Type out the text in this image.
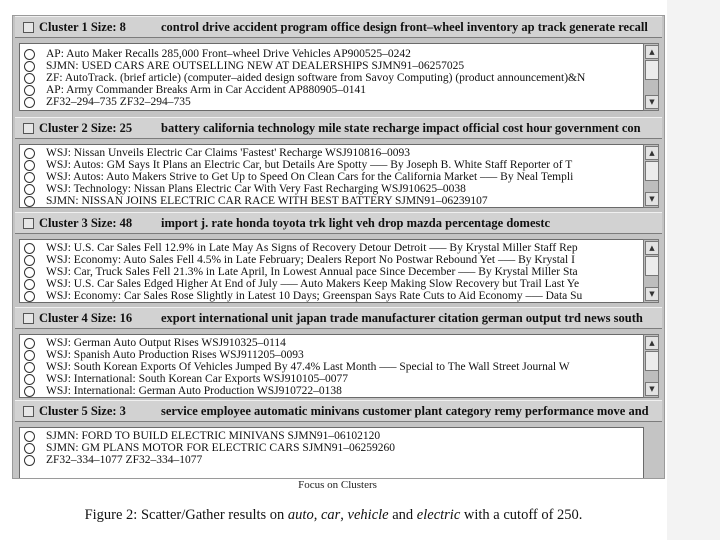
Cluster 1 Size: 8	control drive accident program office design front–wheel inventory ap track generate recall
AP: Auto Maker Recalls 285,000 Front–wheel Drive Vehicles AP900525–0242
SJMN: USED CARS ARE OUTSELLING NEW AT DEALERSHIPS SJMN91–06257025
ZF: AutoTrack. (brief article) (computer–aided design software from Savoy Computing) (product announcement)&N
AP: Army Commander Breaks Arm in Car Accident AP880905–0141
ZF32–294–735 ZF32–294–735
▲
▼
Cluster 2 Size: 25 battery california technology mile state recharge impact official cost hour government con
WSJ: Nissan Unveils Electric Car Claims 'Fastest' Recharge WSJ910816–0093
WSJ: Autos: GM Says It Plans an Electric Car, but Details Are Spotty ––– By Joseph B. White Staff Reporter of T
WSJ: Autos: Auto Makers Strive to Get Up to Speed On Clean Cars for the California Market ––– By Neal Templi
WSJ: Technology: Nissan Plans Electric Car With Very Fast Recharging WSJ910625–0038
SJMN: NISSAN JOINS ELECTRIC CAR RACE WITH BEST BATTERY SJMN91–06239107
▲
▼
Cluster 3 Size: 48 import j. rate honda toyota trk light veh drop mazda percentage domestc
WSJ: U.S. Car Sales Fell 12.9% in Late May As Signs of Recovery Detour Detroit ––– By Krystal Miller Staff Rep
WSJ: Economy: Auto Sales Fell 4.5% in Late February; Dealers Report No Postwar Rebound Yet ––– By Krystal I
WSJ: Car, Truck Sales Fell 21.3% in Late April, In Lowest Annual pace Since December ––– By Krystal Miller Sta
WSJ: U.S. Car Sales Edged Higher At End of July ––– Auto Makers Keep Making Slow Recovery but Trail Last Ye
WSJ: Economy: Car Sales Rose Slightly in Latest 10 Days; Greenspan Says Rate Cuts to Aid Economy ––– Data Su
▲
▼
Cluster 4 Size: 16 export international unit japan trade manufacturer citation german output trd news south
WSJ: German Auto Output Rises WSJ910325–0114
WSJ: Spanish Auto Production Rises WSJ911205–0093
WSJ: South Korean Exports Of Vehicles Jumped By 47.4% Last Month ––– Special to The Wall Street Journal W
WSJ: International: South Korean Car Exports WSJ910105–0077
WSJ: International: German Auto Production WSJ910722–0138
▲
▼
Cluster 5 Size: 3	service employee automatic minivans customer plant category remy performance move and
SJMN: FORD TO BUILD ELECTRIC MINIVANS SJMN91–06102120
SJMN: GM PLANS MOTOR FOR ELECTRIC CARS SJMN91–06259260
ZF32–334–1077 ZF32–334–1077
Focus on Clusters
Figure 2: Scatter/Gather results on auto, car, vehicle and electric with a cutoff of 250.
